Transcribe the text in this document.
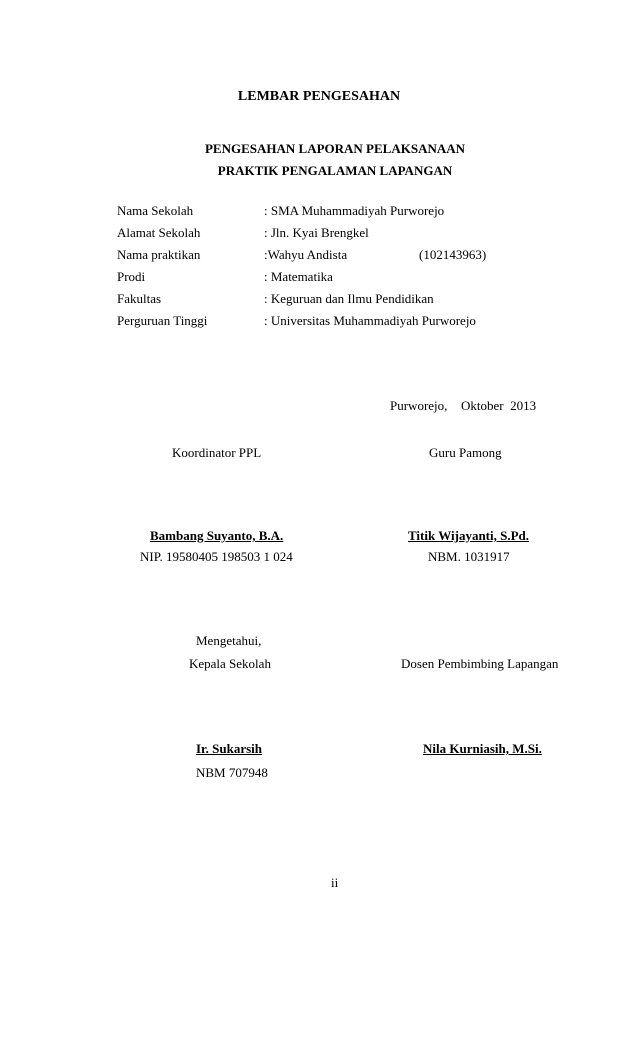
LEMBAR PENGESAHAN
PENGESAHAN LAPORAN PELAKSANAAN
PRAKTIK PENGALAMAN LAPANGAN
Nama Sekolah	: SMA Muhammadiyah Purworejo
Alamat Sekolah	: Jln. Kyai Brengkel
Nama praktikan	:Wahyu Andista	(102143963)
Prodi	: Matematika
Fakultas	: Keguruan dan Ilmu Pendidikan
Perguruan Tinggi	: Universitas Muhammadiyah Purworejo
Purworejo, Oktober  2013
Koordinator PPL	Guru Pamong
Bambang Suyanto, B.A.
NIP. 19580405 198503 1 024
Titik Wijayanti, S.Pd.
NBM. 1031917
Mengetahui,
Kepala Sekolah	Dosen Pembimbing Lapangan
Ir. Sukarsih
NBM 707948
Nila Kurniasih, M.Si.
ii
